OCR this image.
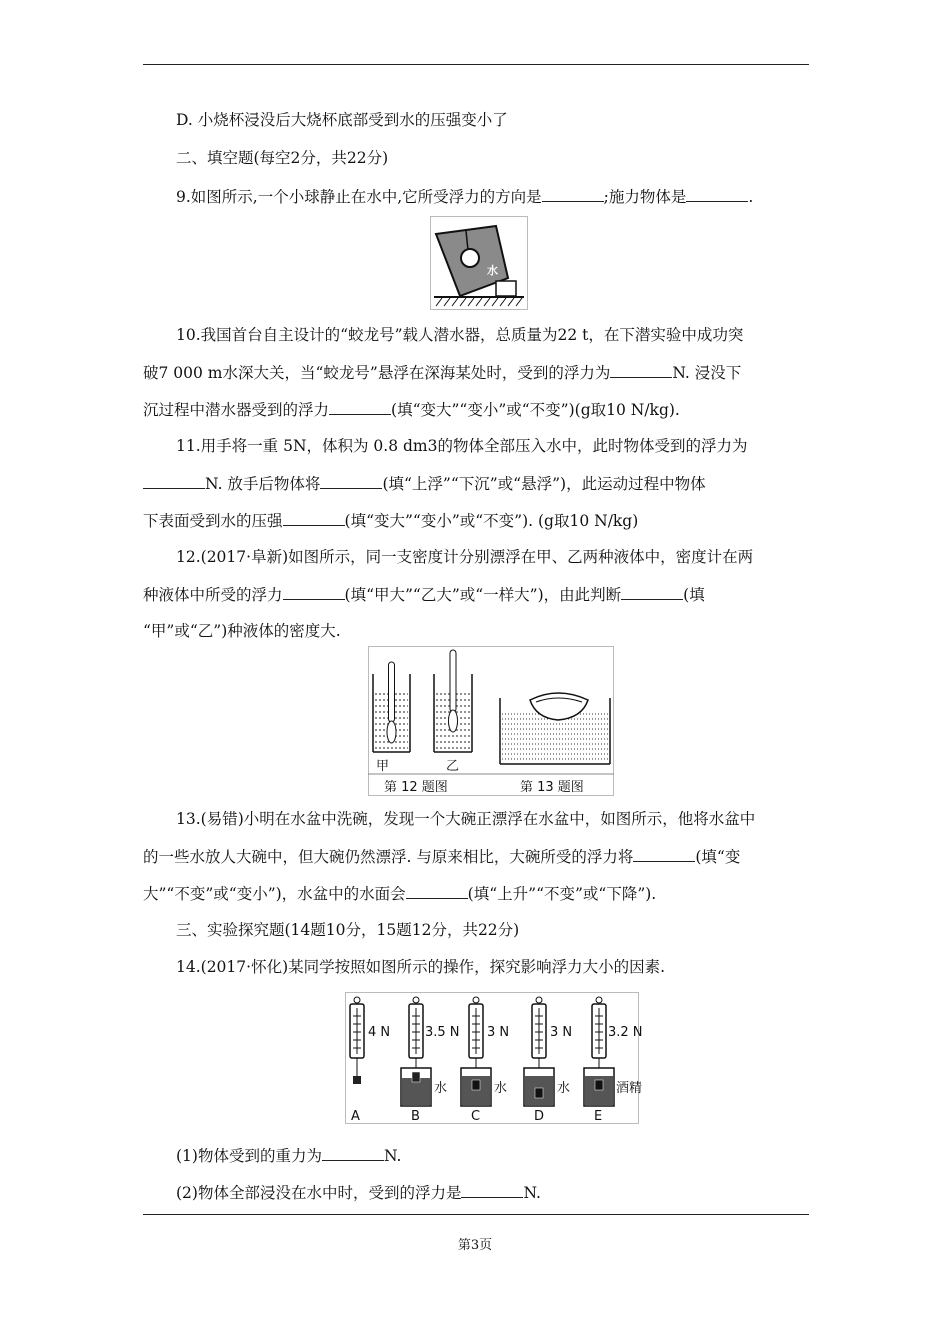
D. 小烧杯浸没后大烧杯底部受到水的压强变小了
二、填空题(每空2分，共22分)
9.如图所示,一个小球静止在水中,它所受浮力的方向是	;施力物体是	.
水
10.我国首台自主设计的“蛟龙号”载人潜水器，总质量为22 t，在下潜实验中成功突
破7 000 m水深大关，当“蛟龙号”悬浮在深海某处时，受到的浮力为	N. 浸没下
沉过程中潜水器受到的浮力	(填“变大”“变小”或“不变”)(g取10 N/kg).
11.用手将一重 5N，体积为 0.8 dm3的物体全部压入水中，此时物体受到的浮力为
N. 放手后物体将	(填“上浮”“下沉”或“悬浮”)，此运动过程中物体
下表面受到水的压强	(填“变大”“变小”或“不变”). (g取10 N/kg)
12.(2017·阜新)如图所示，同一支密度计分别漂浮在甲、乙两种液体中，密度计在两
种液体中所受的浮力	(填“甲大”“乙大”或“一样大”)，由此判断	(填
“甲”或“乙”)种液体的密度大.
甲	乙
第 12 题图	第 13 题图
13.(易错)小明在水盆中洗碗，发现一个大碗正漂浮在水盆中，如图所示，他将水盆中
的一些水放人大碗中，但大碗仍然漂浮. 与原来相比，大碗所受的浮力将	(填“变
大”“不变”或“变小”)，水盆中的水面会	(填“上升”“不变”或“下降”).
三、实验探究题(14题10分，15题12分，共22分)
14.(2017·怀化)某同学按照如图所示的操作，探究影响浮力大小的因素.
4 N	3.5 N 3 N	3 N	3.2 N
水	水	水	酒精
A	B	C	D	E
(1)物体受到的重力为	N.
(2)物体全部浸没在水中时，受到的浮力是	N.
第3页
